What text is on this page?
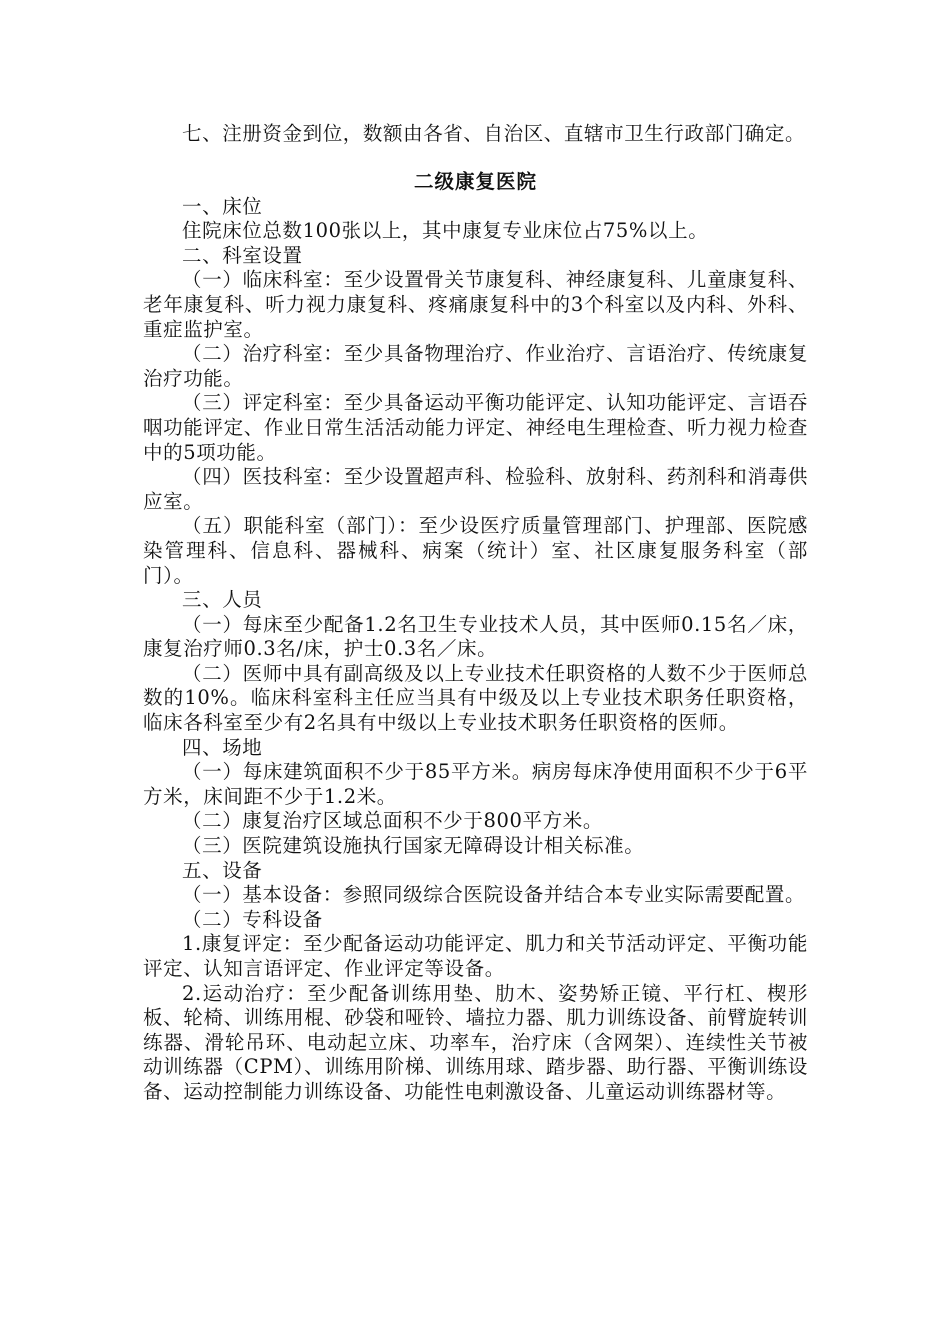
七、注册资金到位，数额由各省、自治区、直辖市卫生行政部门确定。

二级康复医院

一、床位

住院床位总数100张以上，其中康复专业床位占75%以上。

二、科室设置

（一）临床科室：至少设置骨关节康复科、神经康复科、儿童康复科、老年康复科、听力视力康复科、疼痛康复科中的3个科室以及内科、外科、重症监护室。

（二）治疗科室：至少具备物理治疗、作业治疗、言语治疗、传统康复治疗功能。

（三）评定科室：至少具备运动平衡功能评定、认知功能评定、言语吞咽功能评定、作业日常生活活动能力评定、神经电生理检查、听力视力检查中的5项功能。

（四）医技科室：至少设置超声科、检验科、放射科、药剂科和消毒供应室。

（五）职能科室（部门）：至少设医疗质量管理部门、护理部、医院感染管理科、信息科、器械科、病案（统计）室、社区康复服务科室（部门）。

三、人员

（一）每床至少配备1.2名卫生专业技术人员，其中医师0.15名／床，康复治疗师0.3名/床，护士0.3名／床。

（二）医师中具有副高级及以上专业技术任职资格的人数不少于医师总数的10%。临床科室科主任应当具有中级及以上专业技术职务任职资格，临床各科室至少有2名具有中级以上专业技术职务任职资格的医师。

四、场地

（一）每床建筑面积不少于85平方米。病房每床净使用面积不少于6平方米，床间距不少于1.2米。

（二）康复治疗区域总面积不少于800平方米。

（三）医院建筑设施执行国家无障碍设计相关标准。

五、设备

（一）基本设备：参照同级综合医院设备并结合本专业实际需要配置。

（二）专科设备

1.康复评定：至少配备运动功能评定、肌力和关节活动评定、平衡功能评定、认知言语评定、作业评定等设备。

2.运动治疗：至少配备训练用垫、肋木、姿势矫正镜、平行杠、楔形板、轮椅、训练用棍、砂袋和哑铃、墙拉力器、肌力训练设备、前臂旋转训练器、滑轮吊环、电动起立床、功率车，治疗床（含网架）、连续性关节被动训练器（CPM）、训练用阶梯、训练用球、踏步器、助行器、平衡训练设备、运动控制能力训练设备、功能性电刺激设备、儿童运动训练器材等。
